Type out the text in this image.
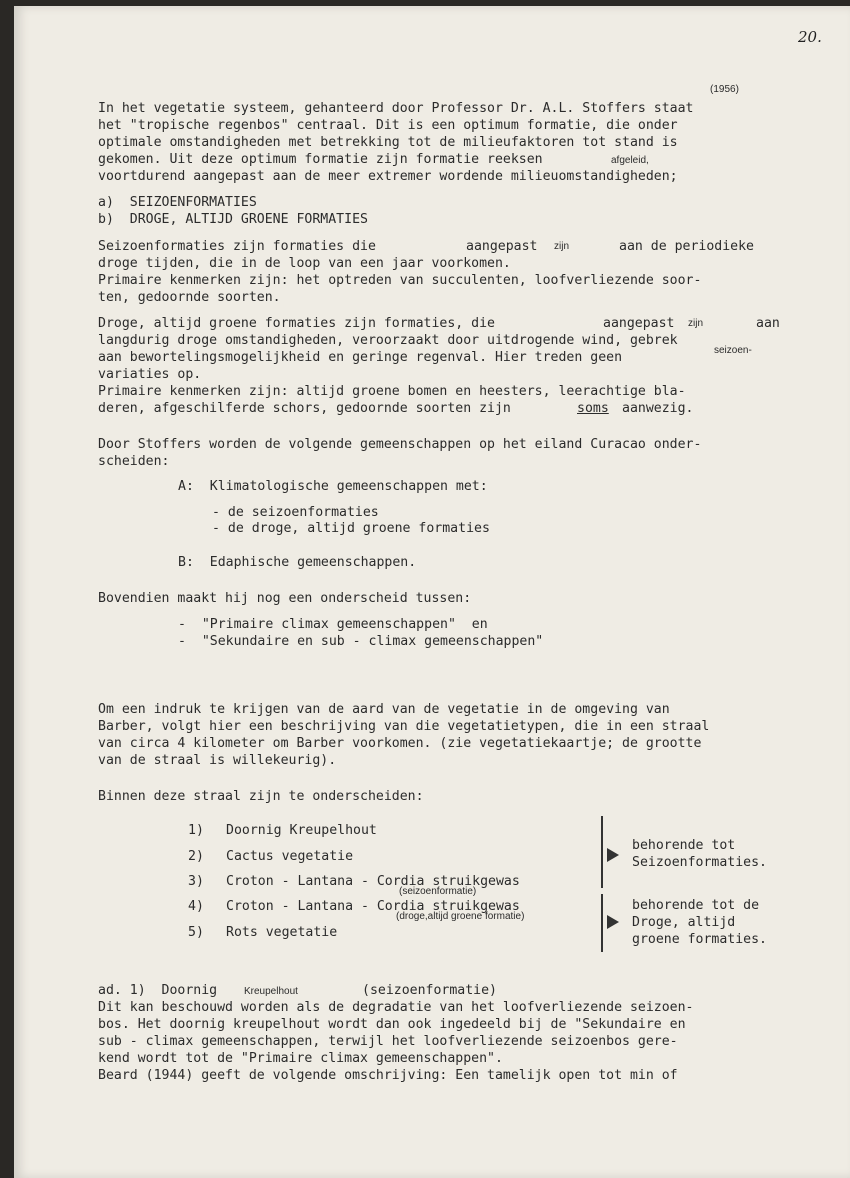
20.
(1956)
In het vegetatie systeem, gehanteerd door Professor Dr. A.L. Stoffers staat
het "tropische regenbos" centraal. Dit is een optimum formatie, die onder
optimale omstandigheden met betrekking tot de milieufaktoren tot stand is
gekomen. Uit deze optimum formatie zijn formatie reeksen	afgeleid,
voortdurend aangepast aan de meer extremer wordende milieuomstandigheden;
a)  SEIZOENFORMATIES
b)  DROGE, ALTIJD GROENE FORMATIES
Seizoenformaties zijn formaties die	aangepast zijn	aan de periodieke
droge tijden, die in de loop van een jaar voorkomen.
Primaire kenmerken zijn: het optreden van succulenten, loofverliezende soor-
ten, gedoornde soorten.
Droge, altijd groene formaties zijn formaties, die	aangepast zijn	aan
langdurig droge omstandigheden, veroorzaakt door uitdrogende wind, gebrek
aan bewortelingsmogelijkheid en geringe regenval. Hier treden geen	seizoen-
variaties op.
Primaire kenmerken zijn: altijd groene bomen en heesters, leerachtige bla-
deren, afgeschilferde schors, gedoornde soorten zijn	soms aanwezig.
Door Stoffers worden de volgende gemeenschappen op het eiland Curacao onder-
scheiden:
A:  Klimatologische gemeenschappen met:
- de seizoenformaties
- de droge, altijd groene formaties
B:  Edaphische gemeenschappen.
Bovendien maakt hij nog een onderscheid tussen:
-  "Primaire climax gemeenschappen"  en
-  "Sekundaire en sub - climax gemeenschappen"
Om een indruk te krijgen van de aard van de vegetatie in de omgeving van
Barber, volgt hier een beschrijving van die vegetatietypen, die in een straal
van circa 4 kilometer om Barber voorkomen. (zie vegetatiekaartje; de grootte
van de straal is willekeurig).
Binnen deze straal zijn te onderscheiden:
1) Doornig Kreupelhout
2) Cactus vegetatie
3) Croton - Lantana - Cordia struikgewas
(seizoenformatie)
4) Croton - Lantana - Cordia struikgewas
(droge,altijd groene formatie)
5) Rots vegetatie
behorende tot
Seizoenformaties.
behorende tot de
Droge, altijd
groene formaties.
ad. 1)  Doornig	Kreupelhout	(seizoenformatie)
Dit kan beschouwd worden als de degradatie van het loofverliezende seizoen-
bos. Het doornig kreupelhout wordt dan ook ingedeeld bij de "Sekundaire en
sub - climax gemeenschappen, terwijl het loofverliezende seizoenbos gere-
kend wordt tot de "Primaire climax gemeenschappen".
Beard (1944) geeft de volgende omschrijving: Een tamelijk open tot min of
